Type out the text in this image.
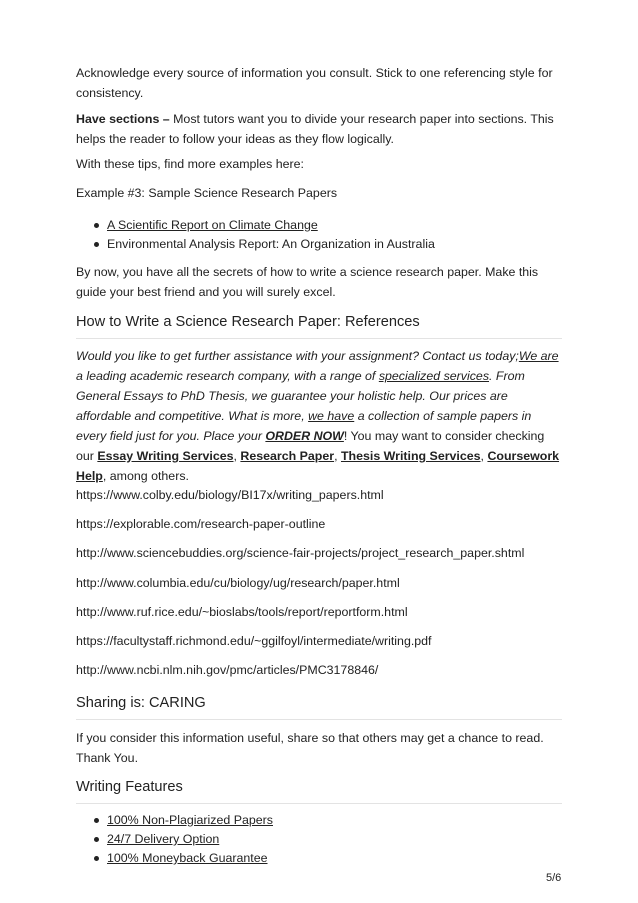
Acknowledge every source of information you consult. Stick to one referencing style for consistency.

Have sections – Most tutors want you to divide your research paper into sections. This helps the reader to follow your ideas as they flow logically.

With these tips, find more examples here:

Example #3: Sample Science Research Papers

A Scientific Report on Climate Change
Environmental Analysis Report: An Organization in Australia

By now, you have all the secrets of how to write a science research paper. Make this guide your best friend and you will surely excel.

How to Write a Science Research Paper: References

Would you like to get further assistance with your assignment? Contact us today;We are a leading academic research company, with a range of specialized services. From General Essays to PhD Thesis, we guarantee your holistic help. Our prices are affordable and competitive. What is more, we have a collection of sample papers in every field just for you. Place your ORDER NOW! You may want to consider checking our Essay Writing Services, Research Paper, Thesis Writing Services, Coursework Help, among others.

https://www.colby.edu/biology/BI17x/writing_papers.html

https://explorable.com/research-paper-outline

http://www.sciencebuddies.org/science-fair-projects/project_research_paper.shtml

http://www.columbia.edu/cu/biology/ug/research/paper.html

http://www.ruf.rice.edu/~bioslabs/tools/report/reportform.html

https://facultystaff.richmond.edu/~ggilfoyl/intermediate/writing.pdf

http://www.ncbi.nlm.nih.gov/pmc/articles/PMC3178846/

Sharing is: CARING

If you consider this information useful, share so that others may get a chance to read. Thank You.

Writing Features
100% Non-Plagiarized Papers
24/7 Delivery Option
100% Moneyback Guarantee
5/6
